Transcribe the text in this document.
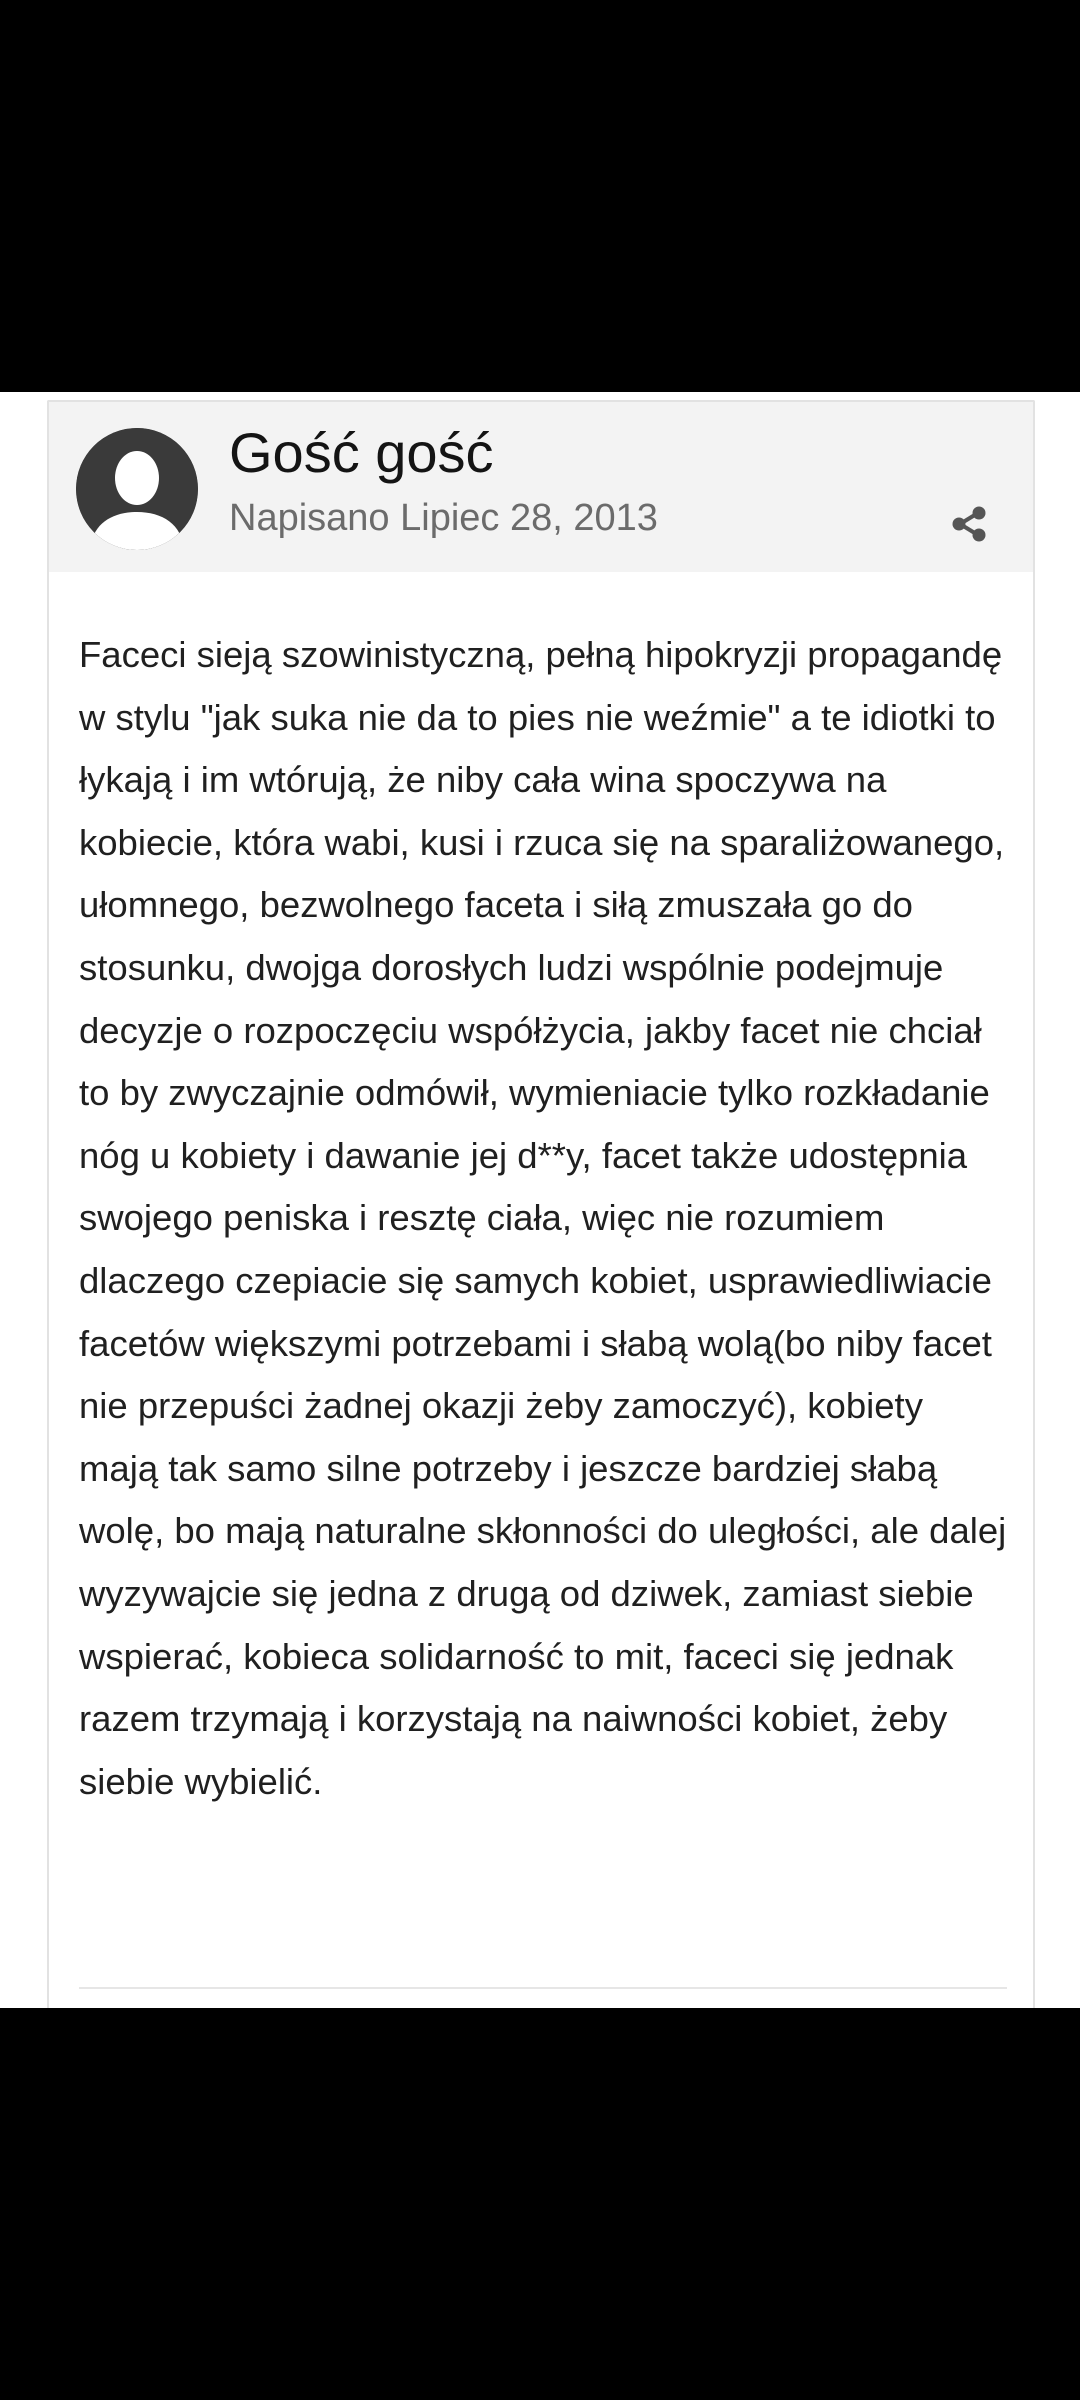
Gość gość
Napisano Lipiec 28, 2013

Faceci sieją szowinistyczną, pełną hipokryzji propagandę w stylu "jak suka nie da to pies nie weźmie" a te idiotki to łykają i im wtórują, że niby cała wina spoczywa na kobiecie, która wabi, kusi i rzuca się na sparaliżowanego, ułomnego, bezwolnego faceta i siłą zmuszała go do stosunku, dwojga dorosłych ludzi wspólnie podejmuje decyzje o rozpoczęciu współżycia, jakby facet nie chciał to by zwyczajnie odmówił, wymieniacie tylko rozkładanie nóg u kobiety i dawanie jej d**y, facet także udostępnia swojego peniska i resztę ciała, więc nie rozumiem dlaczego czepiacie się samych kobiet, usprawiedliwiacie facetów większymi potrzebami i słabą wolą(bo niby facet nie przepuści żadnej okazji żeby zamoczyć), kobiety mają tak samo silne potrzeby i jeszcze bardziej słabą wolę, bo mają naturalne skłonności do uległości, ale dalej wyzywajcie się jedna z drugą od dziwek, zamiast siebie wspierać, kobieca solidarność to mit, faceci się jednak razem trzymają i korzystają na naiwności kobiet, żeby siebie wybielić.
